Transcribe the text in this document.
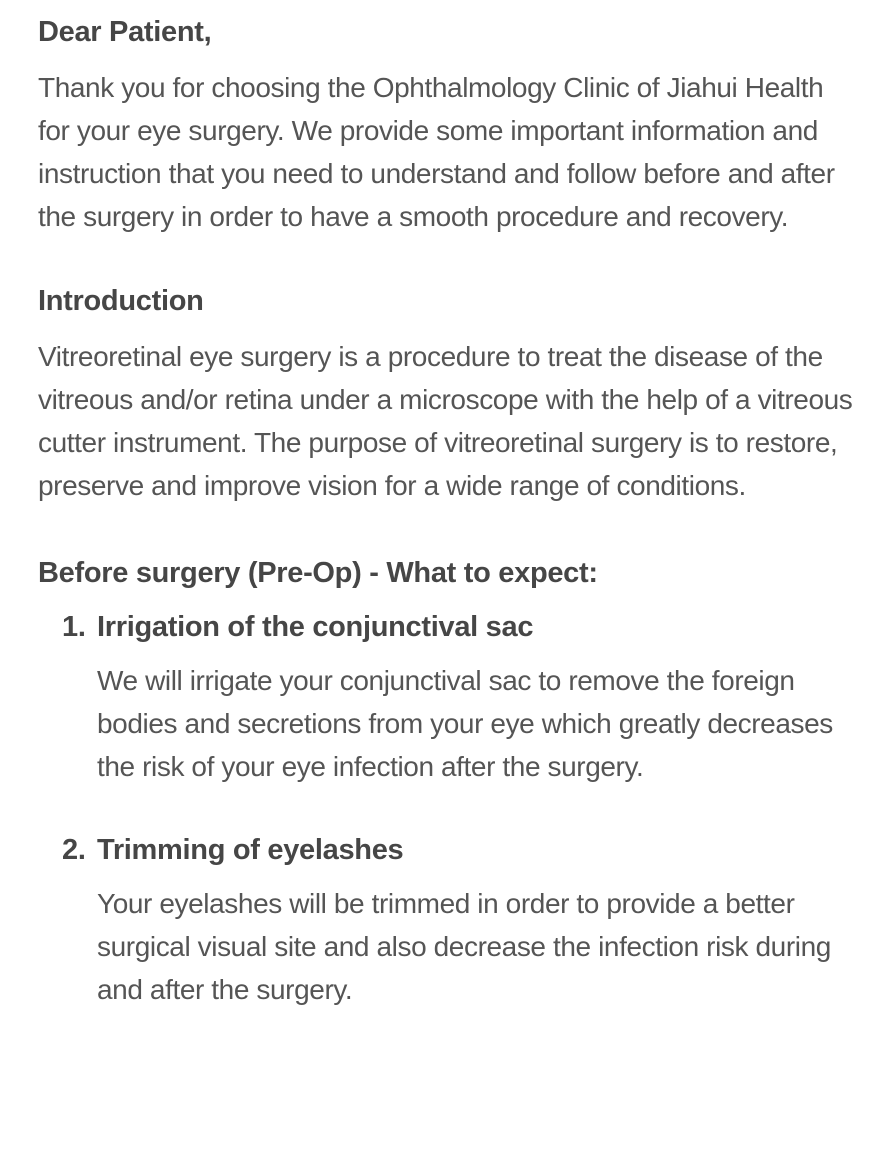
Dear Patient,

Thank you for choosing the Ophthalmology Clinic of Jiahui Health for your eye surgery. We provide some important information and instruction that you need to understand and follow before and after the surgery in order to have a smooth procedure and recovery.

Introduction

Vitreoretinal eye surgery is a procedure to treat the disease of the vitreous and/or retina under a microscope with the help of a vitreous cutter instrument. The purpose of vitreoretinal surgery is to restore, preserve and improve vision for a wide range of conditions.

Before surgery (Pre-Op) - What to expect:
1. Irrigation of the conjunctival sac

We will irrigate your conjunctival sac to remove the foreign bodies and secretions from your eye which greatly decreases the risk of your eye infection after the surgery.

2. Trimming of eyelashes

Your eyelashes will be trimmed in order to provide a better surgical visual site and also decrease the infection risk during and after the surgery.
